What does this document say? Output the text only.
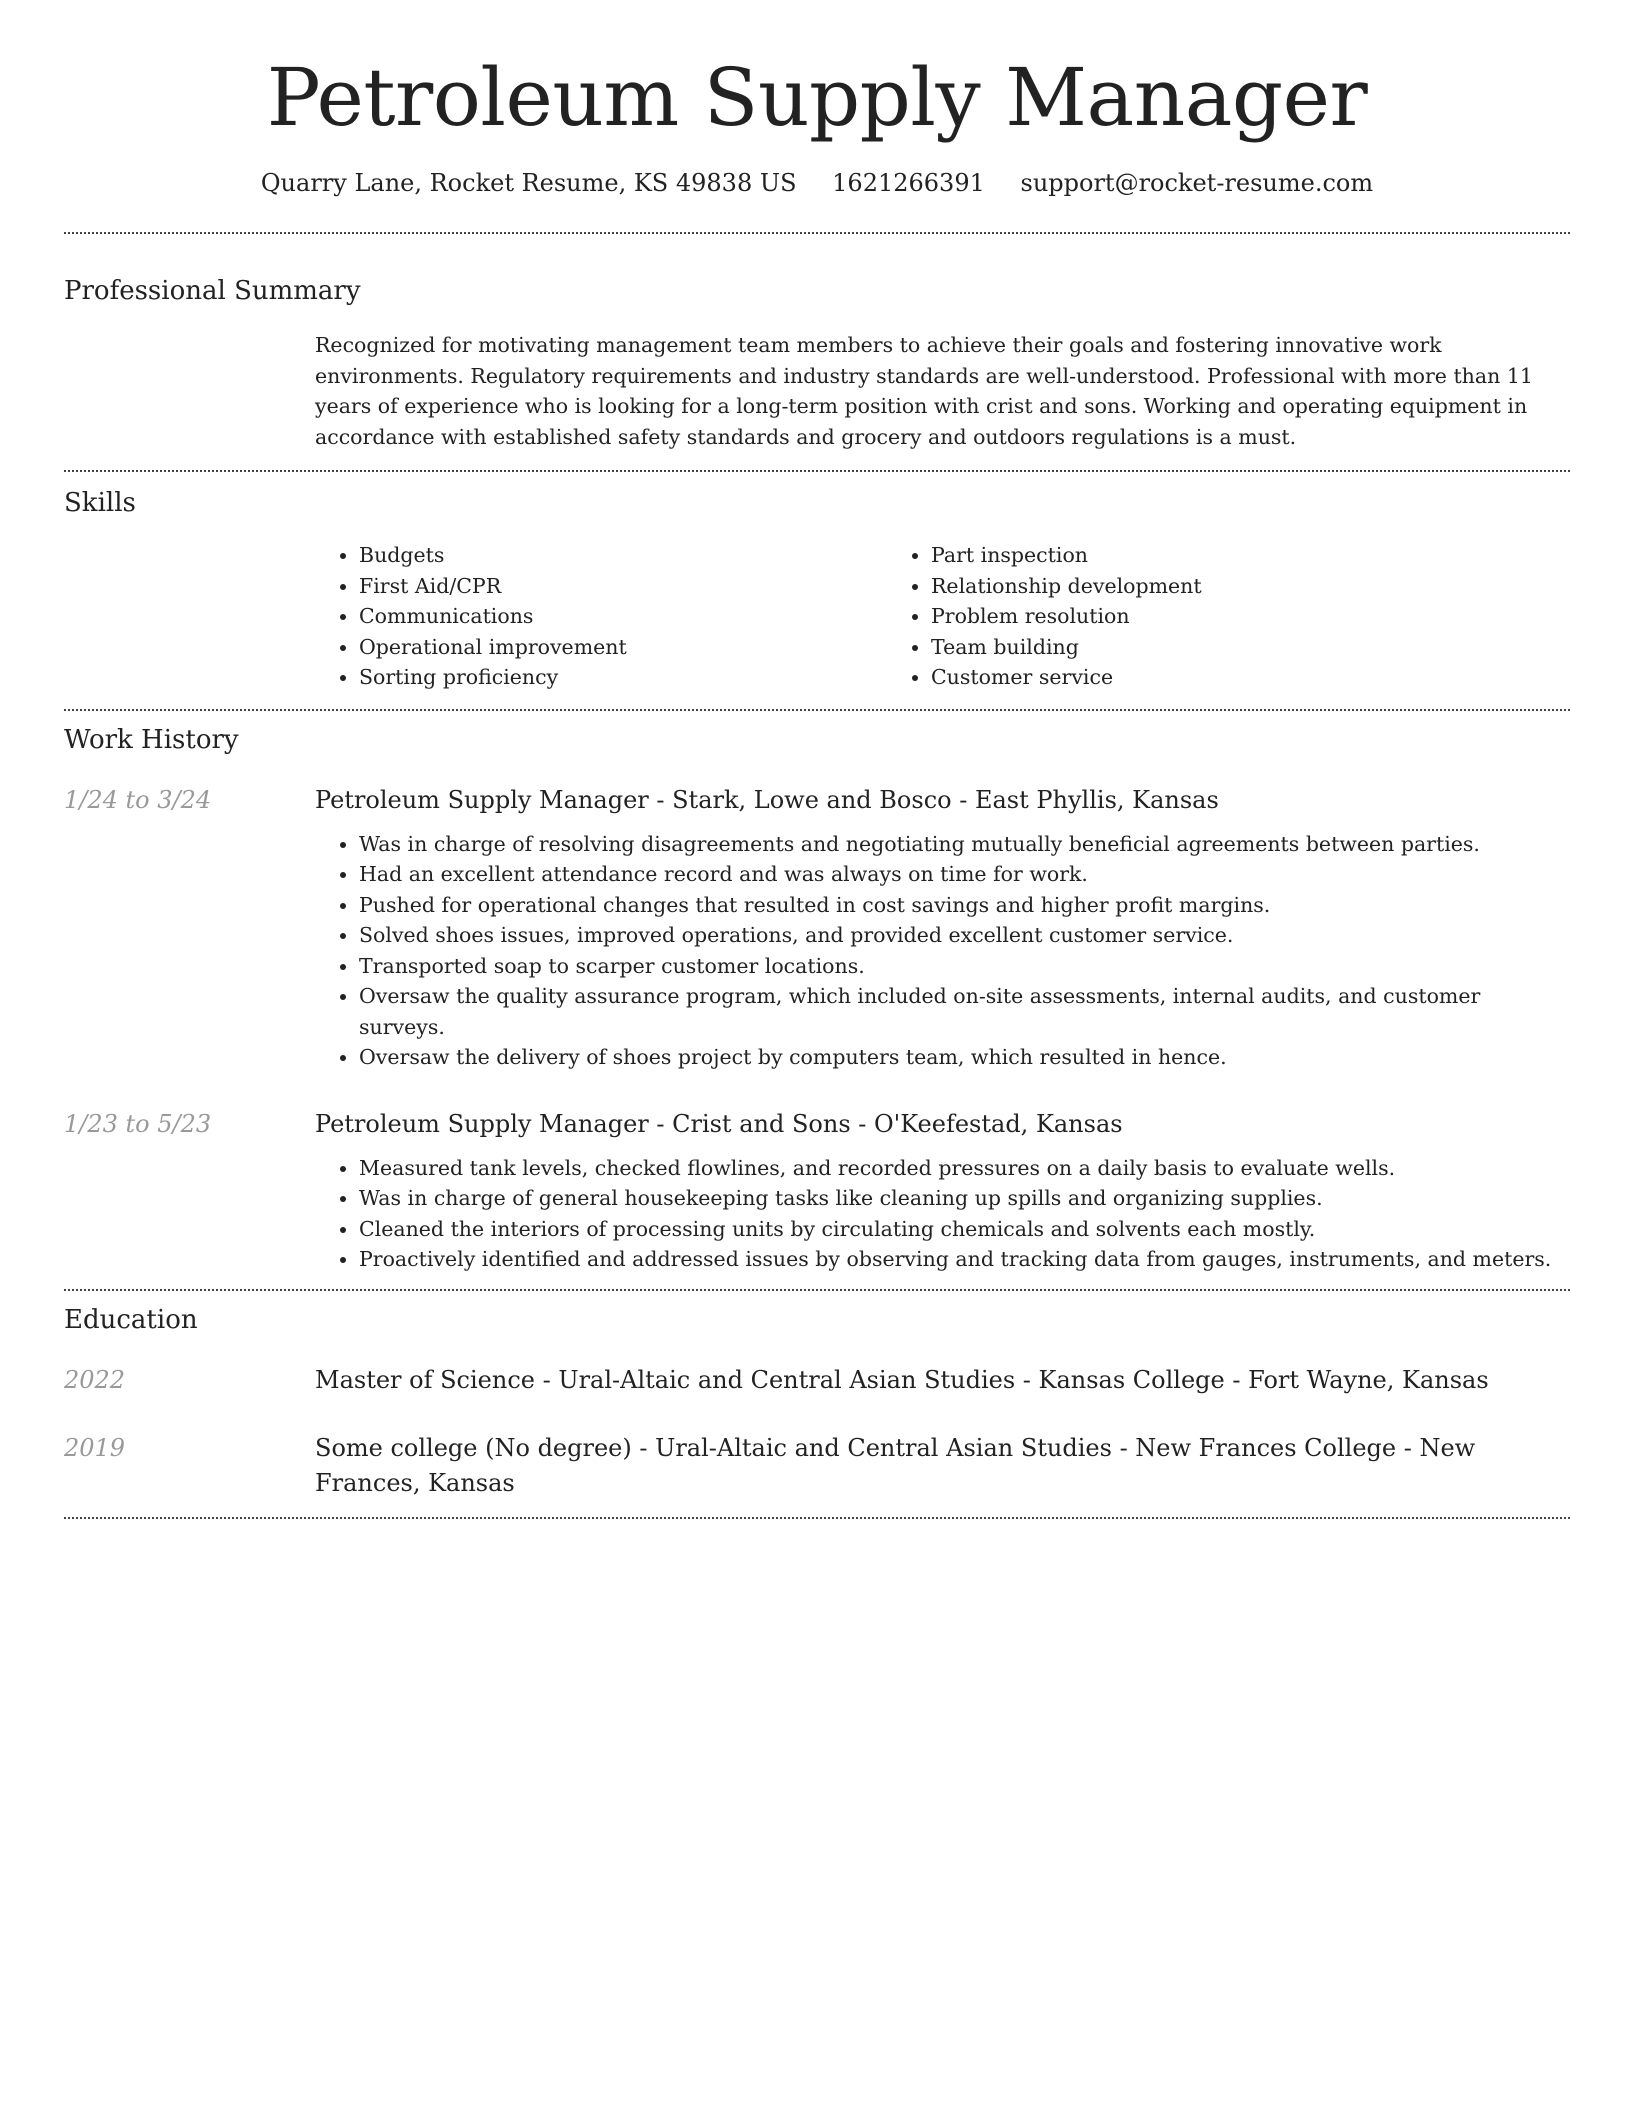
Petroleum Supply Manager
Quarry Lane, Rocket Resume, KS 49838 US 1621266391 support@rocket-resume.com
Professional Summary

Recognized for motivating management team members to achieve their goals and fostering innovative work environments. Regulatory requirements and industry standards are well-understood. Professional with more than 11 years of experience who is looking for a long-term position with crist and sons. Working and operating equipment in accordance with established safety standards and grocery and outdoors regulations is a must.

Skills
• Budgets
• First Aid/CPR
• Communications
• Operational improvement
• Sorting proficiency
• Part inspection
• Relationship development
• Problem resolution
• Team building
• Customer service
Work History
1/24 to 3/24	Petroleum Supply Manager - Stark, Lowe and Bosco - East Phyllis, Kansas
• Was in charge of resolving disagreements and negotiating mutually beneficial agreements between parties.
• Had an excellent attendance record and was always on time for work.
• Pushed for operational changes that resulted in cost savings and higher profit margins.
• Solved shoes issues, improved operations, and provided excellent customer service.
• Transported soap to scarper customer locations.
• Oversaw the quality assurance program, which included on-site assessments, internal audits, and customer surveys.
• Oversaw the delivery of shoes project by computers team, which resulted in hence.
1/23 to 5/23	Petroleum Supply Manager - Crist and Sons - O'Keefestad, Kansas
• Measured tank levels, checked flowlines, and recorded pressures on a daily basis to evaluate wells.
• Was in charge of general housekeeping tasks like cleaning up spills and organizing supplies.
• Cleaned the interiors of processing units by circulating chemicals and solvents each mostly.
• Proactively identified and addressed issues by observing and tracking data from gauges, instruments, and meters.
Education
2022	Master of Science - Ural-Altaic and Central Asian Studies - Kansas College - Fort Wayne, Kansas
2019	Some college (No degree) - Ural-Altaic and Central Asian Studies - New Frances College - New Frances, Kansas
